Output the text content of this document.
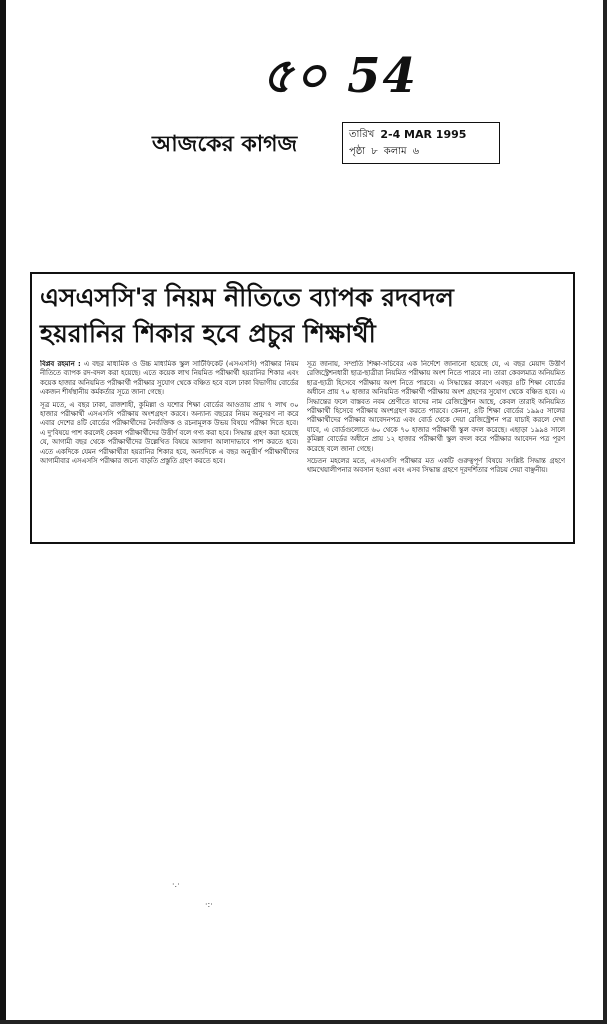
৫০ 54
আজকের কাগজ	তারিখ 2-4 MAR 1995
পৃষ্ঠা ৮ কলাম ৬
এসএসসি'র নিয়ম নীতিতে ব্যাপক রদবদল
হয়রানির শিকার হবে প্রচুর শিক্ষার্থী

বিপ্লব রহমান : এ বছর মাধ্যমিক ও উচ্চ মাধ্যমিক স্কুল সার্টিফিকেট (এসএসসি) পরীক্ষার নিয়ম নীতিতে ব্যাপক রদ-বদল করা হয়েছে। এতে কয়েক লাখ নিয়মিত পরীক্ষার্থী হয়রানির শিকার এবং কয়েক হাজার অনিয়মিত পরীক্ষার্থী পরীক্ষার সুযোগ থেকে বঞ্চিত হবে বলে ঢাকা বিভাগীয় বোর্ডের একজন শীর্ষস্থানীয় কর্মকর্তার সূত্রে জানা গেছে।

সূত্র মতে, এ বছর ঢাকা, রাজশাহী, কুমিল্লা ও যশোর শিক্ষা বোর্ডের আওতায় প্রায় ৭ লাখ ৩০ হাজার পরীক্ষার্থী এসএসসি পরীক্ষায় অংশগ্রহণ করবে। অন্যান্য বছরের নিয়ম অনুসরণ না করে এবার দেশের ৪টি বোর্ডের পরীক্ষার্থীদের নৈর্ব্যক্তিক ও রচনামূলক উভয় বিষয়ে পরীক্ষা দিতে হবে। এ দু'বিষয়ে পাশ করলেই কেবল পরীক্ষার্থীদের উত্তীর্ণ বলে গণ্য করা হবে। সিদ্ধান্ত গ্রহণ করা হয়েছে যে, আগামী বছর থেকে পরীক্ষার্থীদের উল্লেখিত বিষয়ে আলাদা আলাদাভাবে পাশ করতে হবে। এতে একদিকে যেমন পরীক্ষার্থীরা হয়রানির শিকার হবে, অন্যদিকে এ বছর অনুত্তীর্ণ পরীক্ষার্থীদের আগামীবার এসএসসি পরীক্ষার জন্যে বাড়তি প্রস্তুতি গ্রহণ করতে হবে।

সূত্র জানায়, সম্প্রতি শিক্ষা-সচিবের এক নির্দেশে জানানো হয়েছে যে, এ বছর মেয়াদ উত্তীর্ণ রেজিস্ট্রেশনধারী ছাত্র-ছাত্রীরা নিয়মিত পরীক্ষায় অংশ নিতে পারবে না। তারা কেবলমাত্র অনিয়মিত ছাত্র-ছাত্রী হিসেবে পরীক্ষায় অংশ নিতে পারবে। এ সিদ্ধান্তের কারণে এবছর ৪টি শিক্ষা বোর্ডের অধীনে প্রায় ৭০ হাজার অনিয়মিত পরীক্ষার্থী পরীক্ষায় অংশ গ্রহণের সুযোগ থেকে বঞ্চিত হবে। এ সিদ্ধান্তের ফলে বাস্তবত নবম শ্রেণীতে যাদের নাম রেজিস্ট্রেশন আছে, কেবল তারাই অনিয়মিত পরীক্ষার্থী হিসেবে পরীক্ষায় অংশগ্রহণ করতে পারবে। কেননা, ৪টি শিক্ষা বোর্ডের ১৯৯৫ সালের পরীক্ষার্থীদের পরীক্ষার আবেদনপত্র এবং বোর্ড থেকে দেয়া রেজিস্ট্রেশন পত্র যাচাই করলে দেখা যাবে, এ বোর্ডগুলোতে ৬০ থেকে ৭০ হাজার পরীক্ষার্থী স্কুল বদল করেছে। এছাড়া ১৯৯৪ সালে কুমিল্লা বোর্ডের অধীনে প্রায় ১২ হাজার পরীক্ষার্থী স্কুল বদল করে পরীক্ষার আবেদন পত্র পূরণ করেছে বলে জানা গেছে।

সচেতন মহলের মতে, এসএসসি পরীক্ষার মত একটি গুরুত্বপূর্ণ বিষয়ে সংশ্লিষ্ট সিদ্ধান্ত গ্রহণে খামখেয়ালীপনার অবসান হওয়া এবং এসব সিদ্ধান্ত গ্রহণে দূরদর্শিতার পরিচয় দেয়া বাঞ্ছনীয়।

·.·
·:·
